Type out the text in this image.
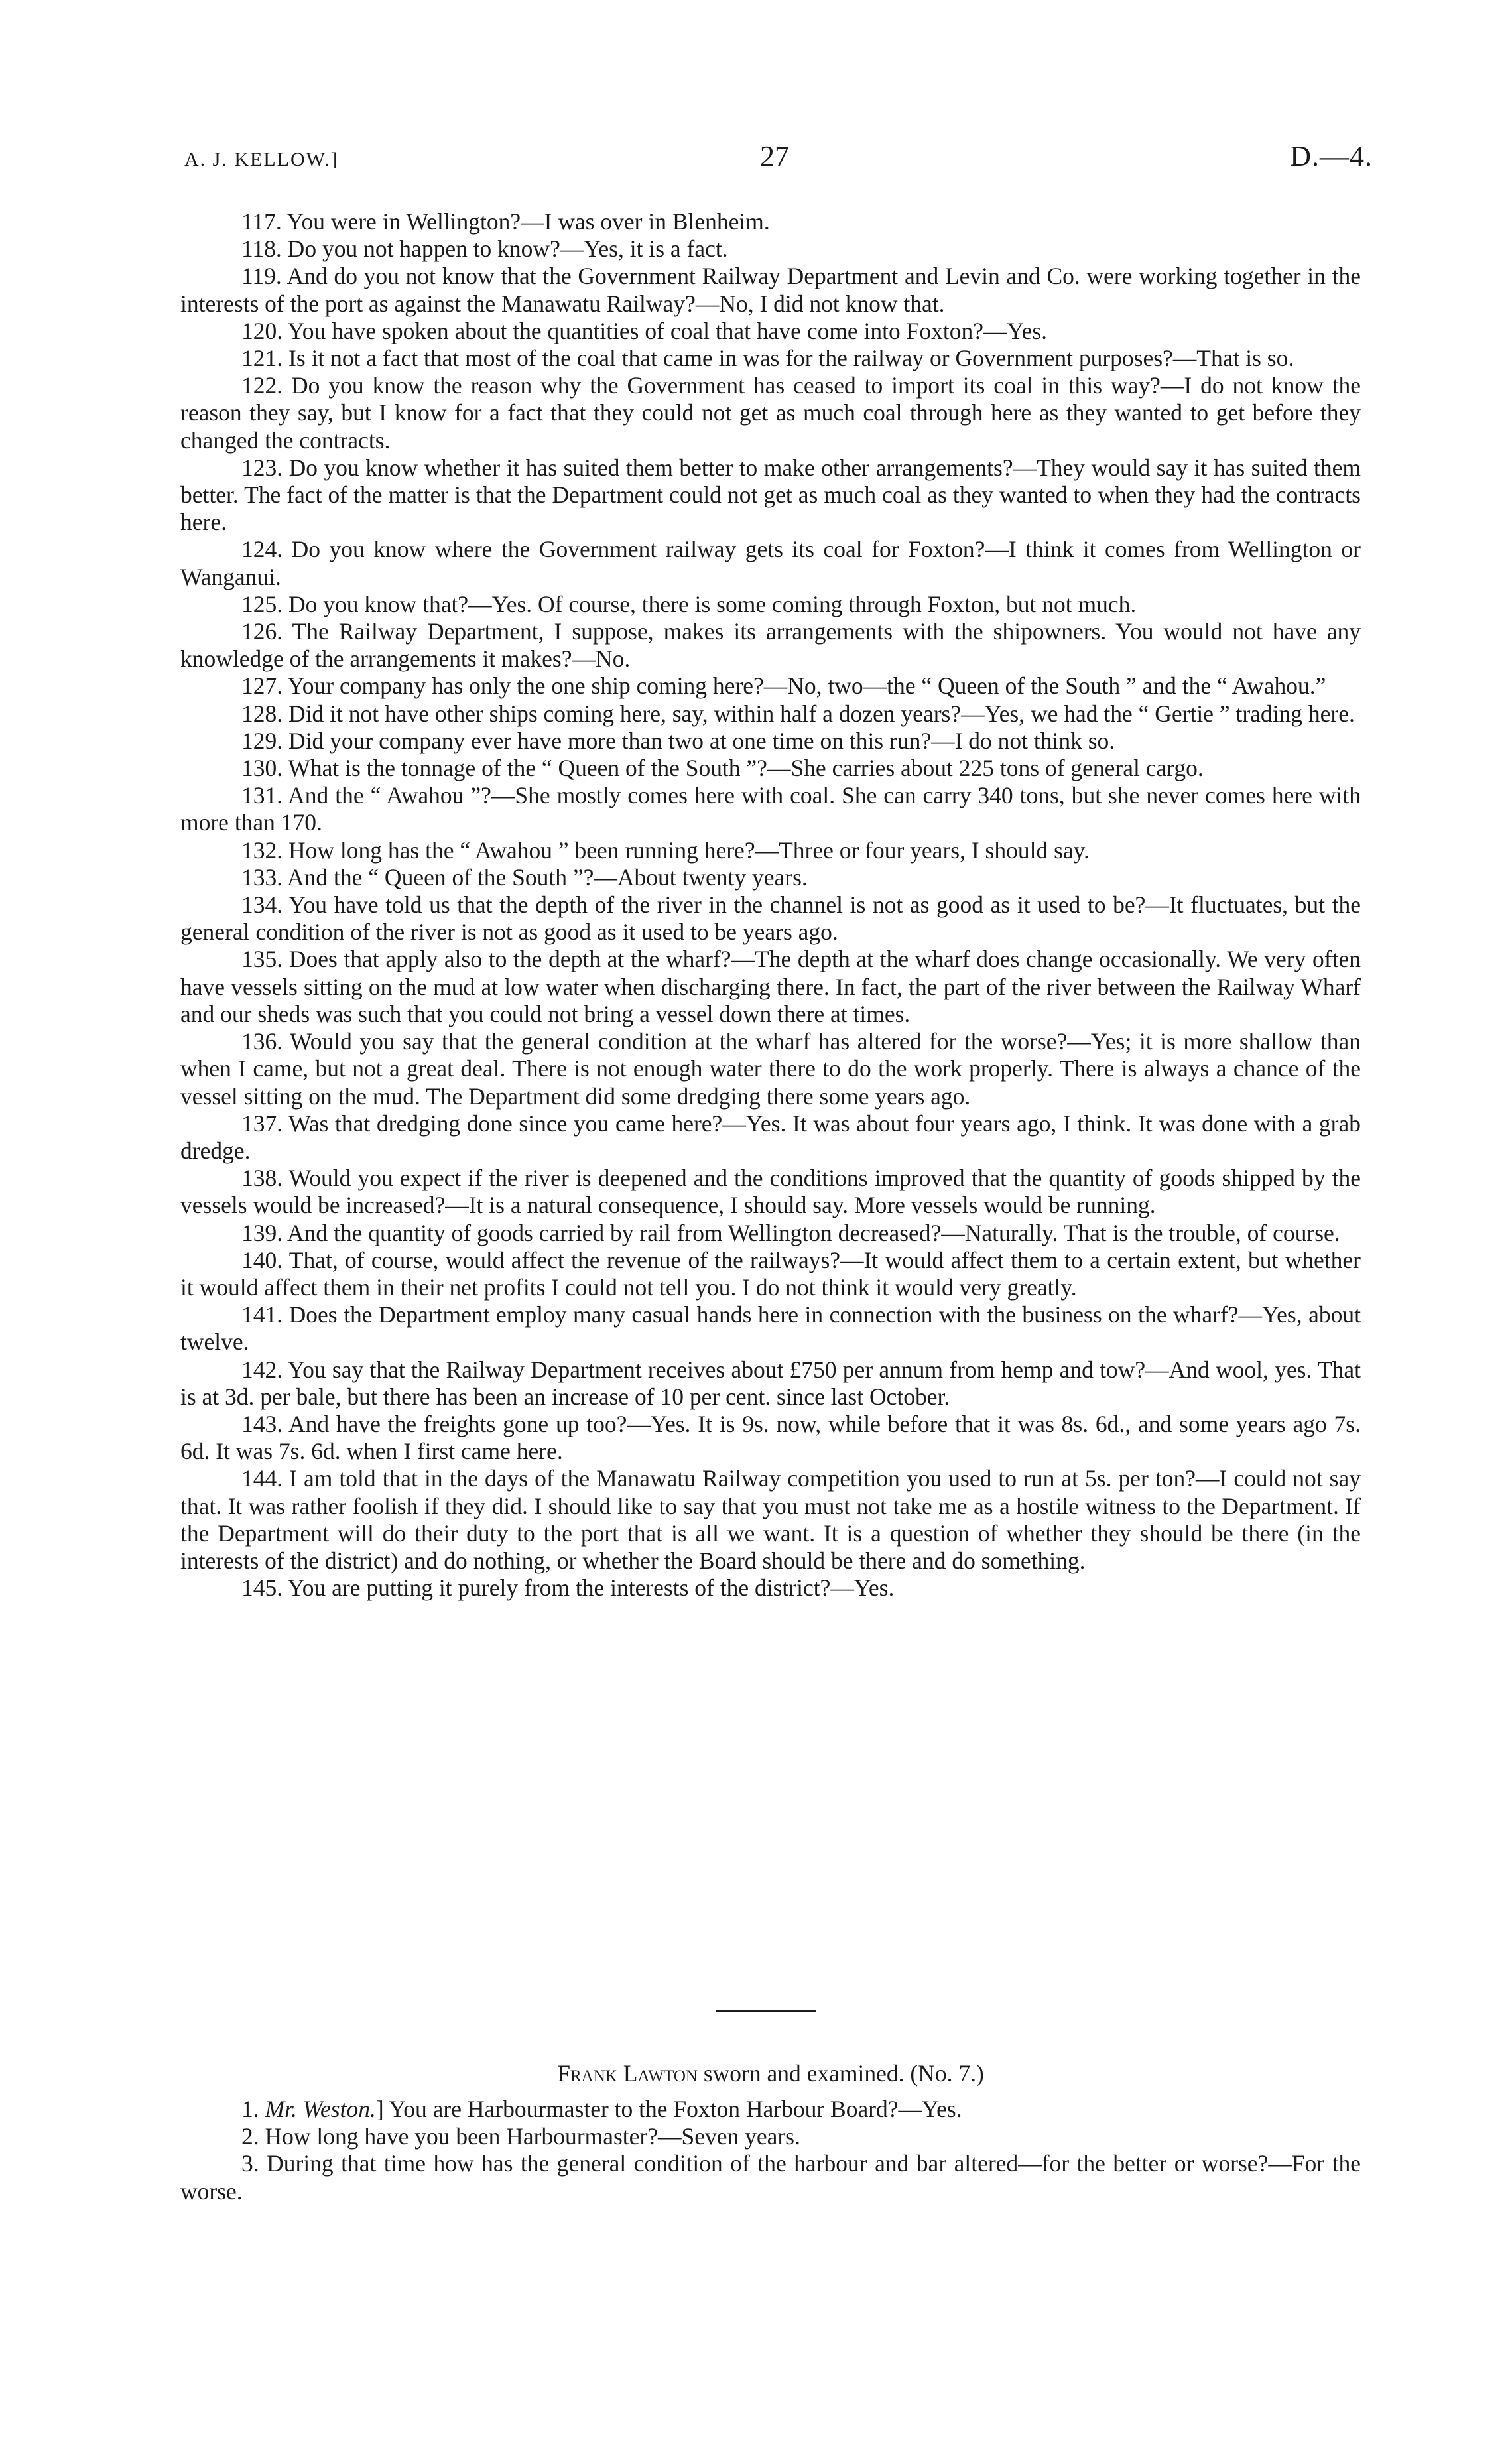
A. J. KELLOW.]	27	D.—4.

117. You were in Wellington?—I was over in Blenheim.

118. Do you not happen to know?—Yes, it is a fact.

119. And do you not know that the Government Railway Department and Levin and Co. were working together in the interests of the port as against the Manawatu Railway?—No, I did not know that.

120. You have spoken about the quantities of coal that have come into Foxton?—Yes.

121. Is it not a fact that most of the coal that came in was for the railway or Government purposes?—That is so.

122. Do you know the reason why the Government has ceased to import its coal in this way?—I do not know the reason they say, but I know for a fact that they could not get as much coal through here as they wanted to get before they changed the contracts.

123. Do you know whether it has suited them better to make other arrangements?—They would say it has suited them better. The fact of the matter is that the Department could not get as much coal as they wanted to when they had the contracts here.

124. Do you know where the Government railway gets its coal for Foxton?—I think it comes from Wellington or Wanganui.

125. Do you know that?—Yes. Of course, there is some coming through Foxton, but not much.

126. The Railway Department, I suppose, makes its arrangements with the shipowners. You would not have any knowledge of the arrangements it makes?—No.

127. Your company has only the one ship coming here?—No, two—the “ Queen of the South ” and the “ Awahou.”

128. Did it not have other ships coming here, say, within half a dozen years?—Yes, we had the “ Gertie ” trading here.

129. Did your company ever have more than two at one time on this run?—I do not think so.

130. What is the tonnage of the “ Queen of the South ”?—She carries about 225 tons of general cargo.

131. And the “ Awahou ”?—She mostly comes here with coal. She can carry 340 tons, but she never comes here with more than 170.

132. How long has the “ Awahou ” been running here?—Three or four years, I should say.

133. And the “ Queen of the South ”?—About twenty years.

134. You have told us that the depth of the river in the channel is not as good as it used to be?—It fluctuates, but the general condition of the river is not as good as it used to be years ago.

135. Does that apply also to the depth at the wharf?—The depth at the wharf does change occasionally. We very often have vessels sitting on the mud at low water when discharging there. In fact, the part of the river between the Railway Wharf and our sheds was such that you could not bring a vessel down there at times.

136. Would you say that the general condition at the wharf has altered for the worse?—Yes; it is more shallow than when I came, but not a great deal. There is not enough water there to do the work properly. There is always a chance of the vessel sitting on the mud. The Department did some dredging there some years ago.

137. Was that dredging done since you came here?—Yes. It was about four years ago, I think. It was done with a grab dredge.

138. Would you expect if the river is deepened and the conditions improved that the quantity of goods shipped by the vessels would be increased?—It is a natural consequence, I should say. More vessels would be running.

139. And the quantity of goods carried by rail from Wellington decreased?—Naturally. That is the trouble, of course.

140. That, of course, would affect the revenue of the railways?—It would affect them to a certain extent, but whether it would affect them in their net profits I could not tell you. I do not think it would very greatly.

141. Does the Department employ many casual hands here in connection with the business on the wharf?—Yes, about twelve.

142. You say that the Railway Department receives about £750 per annum from hemp and tow?—And wool, yes. That is at 3d. per bale, but there has been an increase of 10 per cent. since last October.

143. And have the freights gone up too?—Yes. It is 9s. now, while before that it was 8s. 6d., and some years ago 7s. 6d. It was 7s. 6d. when I first came here.

144. I am told that in the days of the Manawatu Railway competition you used to run at 5s. per ton?—I could not say that. It was rather foolish if they did. I should like to say that you must not take me as a hostile witness to the Department. If the Department will do their duty to the port that is all we want. It is a question of whether they should be there (in the interests of the district) and do nothing, or whether the Board should be there and do something.

145. You are putting it purely from the interests of the district?—Yes.

Frank Lawton sworn and examined. (No. 7.)

1. Mr. Weston.] You are Harbourmaster to the Foxton Harbour Board?—Yes.

2. How long have you been Harbourmaster?—Seven years.

3. During that time how has the general condition of the harbour and bar altered—for the better or worse?—For the worse.
